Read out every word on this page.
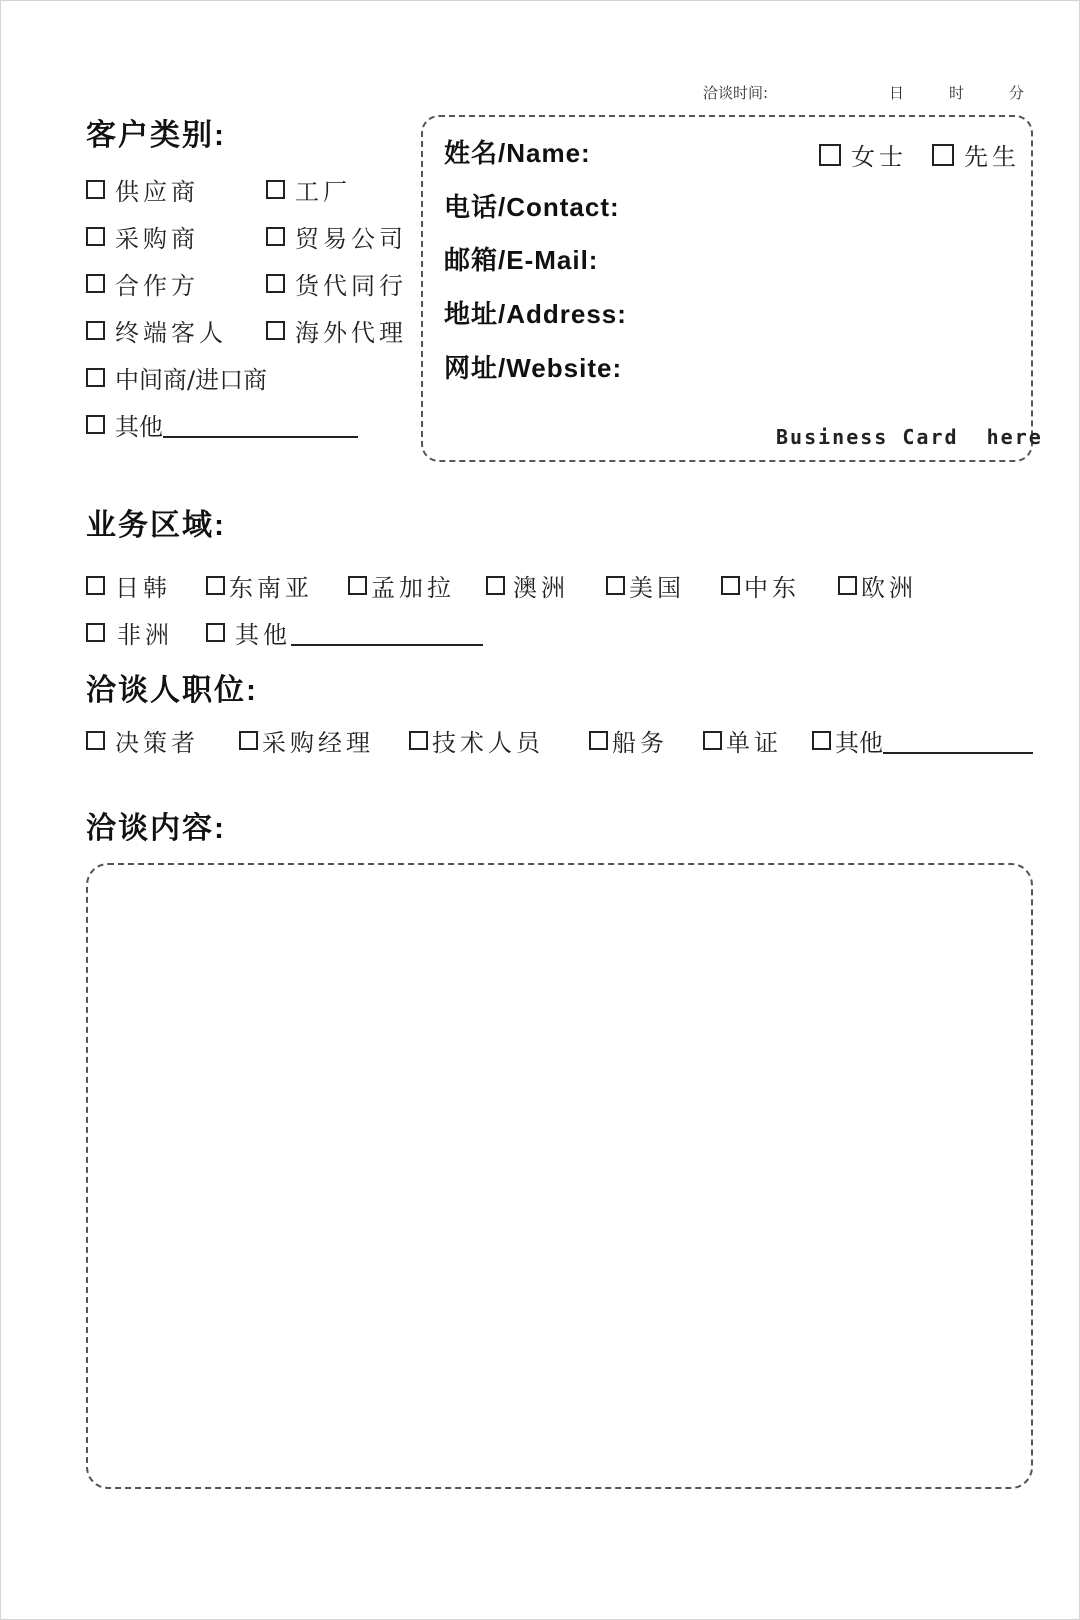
洽谈时间:	日	时	分
客户类别:
供应商	工厂
采购商	贸易公司
合作方	货代同行
终端客人	海外代理
中间商/进口商
其他
姓名/Name:	女士 先生
电话/Contact:
邮箱/E-Mail:
地址/Address:
网址/Website:
Business Card  here
业务区域:
日韩 东南亚 孟加拉 澳洲	美国 中东	欧洲
非洲	其他
洽谈人职位:
决策者	采购经理 技术人员	船务 单证 其他
洽谈内容:
